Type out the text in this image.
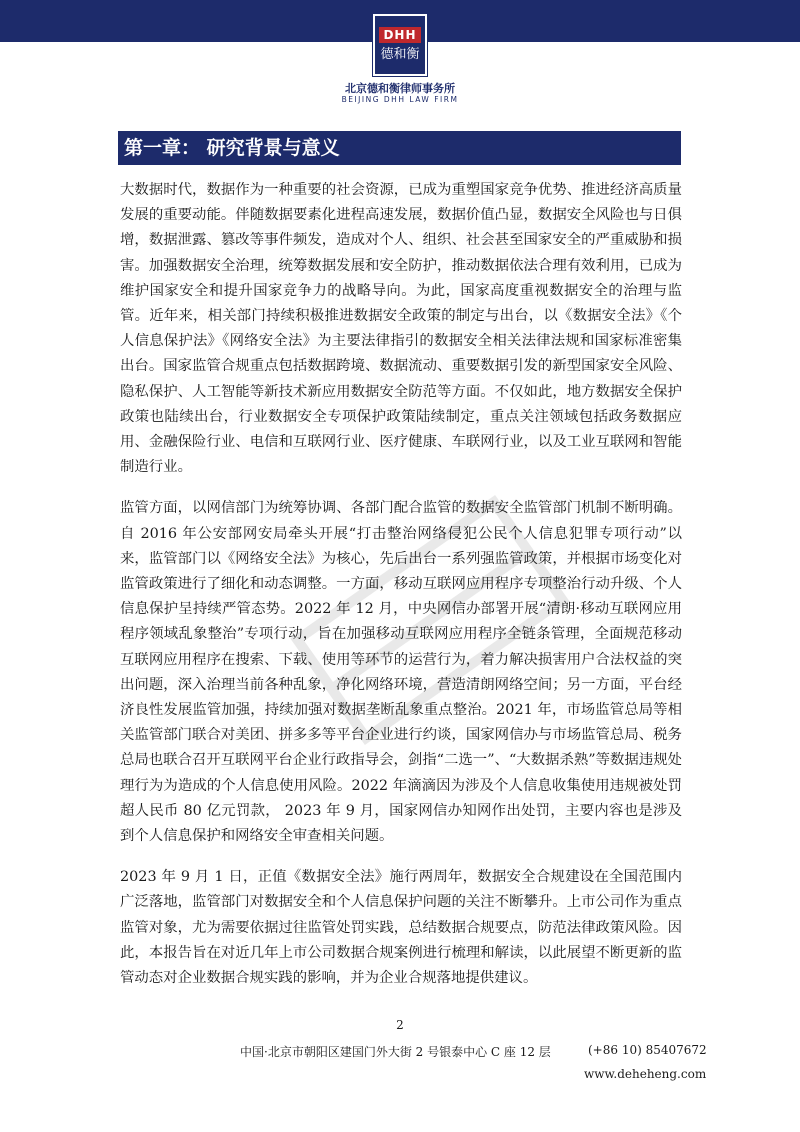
DHH
德和衡
北京德和衡律师事务所
BEIJING DHH LAW FIRM
第一章： 研究背景与意义

大数据时代，数据作为一种重要的社会资源，已成为重塑国家竞争优势、推进经济高质量发展的重要动能。伴随数据要素化进程高速发展，数据价值凸显，数据安全风险也与日俱增，数据泄露、篡改等事件频发，造成对个人、组织、社会甚至国家安全的严重威胁和损害。加强数据安全治理，统筹数据发展和安全防护，推动数据依法合理有效利用，已成为维护国家安全和提升国家竞争力的战略导向。为此，国家高度重视数据安全的治理与监管。近年来，相关部门持续积极推进数据安全政策的制定与出台，以《数据安全法》《个人信息保护法》《网络安全法》为主要法律指引的数据安全相关法律法规和国家标准密集出台。国家监管合规重点包括数据跨境、数据流动、重要数据引发的新型国家安全风险、隐私保护、人工智能等新技术新应用数据安全防范等方面。不仅如此，地方数据安全保护政策也陆续出台，行业数据安全专项保护政策陆续制定，重点关注领域包括政务数据应用、金融保险行业、电信和互联网行业、医疗健康、车联网行业，以及工业互联网和智能制造行业。

监管方面，以网信部门为统筹协调、各部门配合监管的数据安全监管部门机制不断明确。自 2016 年公安部网安局牵头开展“打击整治网络侵犯公民个人信息犯罪专项行动”以来，监管部门以《网络安全法》为核心，先后出台一系列强监管政策，并根据市场变化对监管政策进行了细化和动态调整。一方面，移动互联网应用程序专项整治行动升级、个人信息保护呈持续严管态势。2022 年 12 月，中央网信办部署开展“清朗·移动互联网应用程序领域乱象整治”专项行动，旨在加强移动互联网应用程序全链条管理，全面规范移动互联网应用程序在搜索、下载、使用等环节的运营行为，着力解决损害用户合法权益的突出问题，深入治理当前各种乱象，净化网络环境，营造清朗网络空间；另一方面，平台经济良性发展监管加强，持续加强对数据垄断乱象重点整治。2021 年，市场监管总局等相关监管部门联合对美团、拼多多等平台企业进行约谈，国家网信办与市场监管总局、税务总局也联合召开互联网平台企业行政指导会，剑指“二选一”、“大数据杀熟”等数据违规处理行为为造成的个人信息使用风险。2022 年滴滴因为涉及个人信息收集使用违规被处罚超人民币 80 亿元罚款， 2023 年 9 月，国家网信办知网作出处罚，主要内容也是涉及到个人信息保护和网络安全审查相关问题。

2023 年 9 月 1 日，正值《数据安全法》施行两周年，数据安全合规建设在全国范围内广泛落地，监管部门对数据安全和个人信息保护问题的关注不断攀升。上市公司作为重点监管对象，尤为需要依据过往监管处罚实践，总结数据合规要点，防范法律政策风险。因此，本报告旨在对近几年上市公司数据合规案例进行梳理和解读，以此展望不断更新的监管动态对企业数据合规实践的影响，并为企业合规落地提供建议。

2
中国·北京市朝阳区建国门外大街 2 号银泰中心 C 座 12 层	(+86 10) 85407672
www.deheheng.com
